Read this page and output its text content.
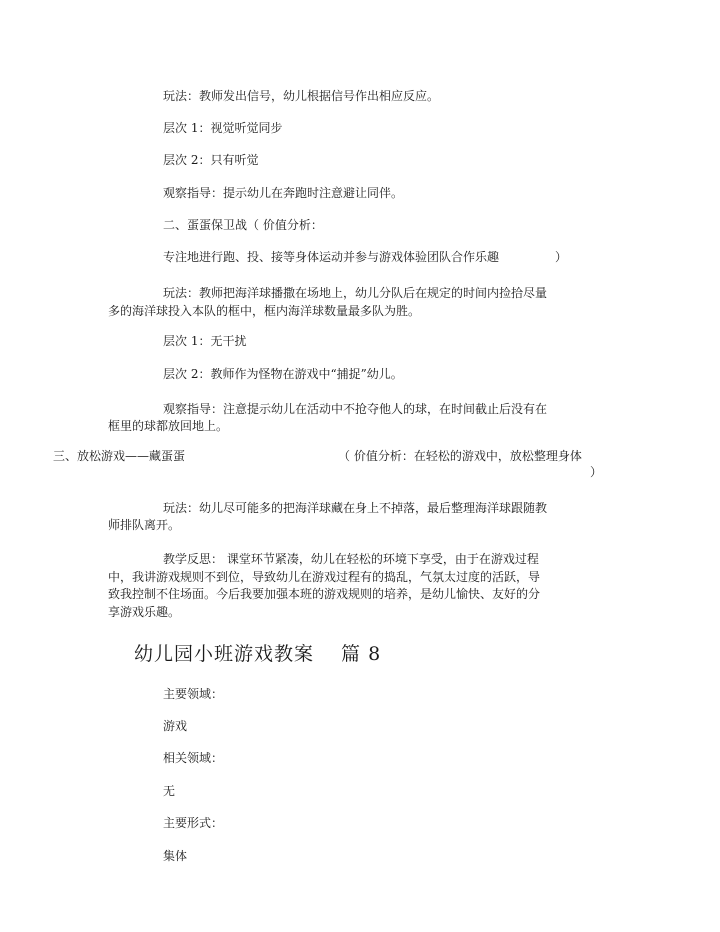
玩法：教师发出信号，幼儿根据信号作出相应反应。
层次 1：视觉听觉同步
层次 2：只有听觉
观察指导：提示幼儿在奔跑时注意避让同伴。
二、蛋蛋保卫战（ 价值分析：
专注地进行跑、投、接等身体运动并参与游戏体验团队合作乐趣	）
玩法：教师把海洋球播撒在场地上，幼儿分队后在规定的时间内捡拾尽量
多的海洋球投入本队的框中，框内海洋球数量最多队为胜。
层次 1：无干扰
层次 2：教师作为怪物在游戏中“捕捉”幼儿。
观察指导：注意提示幼儿在活动中不抢夺他人的球，在时间截止后没有在
框里的球都放回地上。
三、放松游戏——藏蛋蛋	（ 价值分析：在轻松的游戏中，放松整理身体
）
玩法：幼儿尽可能多的把海洋球藏在身上不掉落，最后整理海洋球跟随教
师排队离开。
教学反思： 课堂环节紧凑，幼儿在轻松的环境下享受，由于在游戏过程
中，我讲游戏规则不到位，导致幼儿在游戏过程有的捣乱，气氛太过度的活跃，导
致我控制不住场面。今后我要加强本班的游戏规则的培养，是幼儿愉快、友好的分
享游戏乐趣。
幼儿园小班游戏教案　 篇 8
主要领域：
游戏
相关领域：
无
主要形式：
集体
